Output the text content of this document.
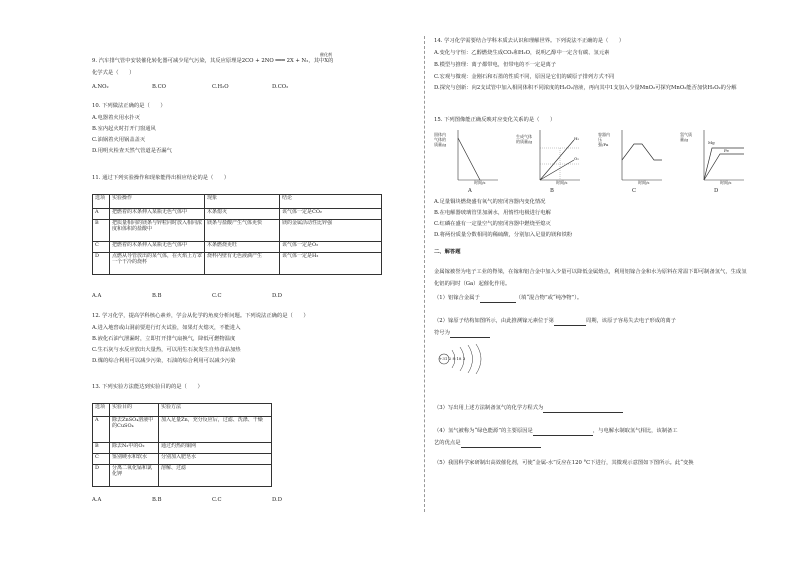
催化剂
9. 汽车排气管中安装催化转化器可减少尾气污染，其反应原理是2CO + 2NO ═══ 2X + N₂，其中X的
化学式是（　　）
A.NO₂	B.CO	C.H₂O	D.CO₂
10. 下列做法正确的是（　　）
A.电器着火用水扑灭
B.室内起火时打开门窗通风
C.油锅着火用锅盖盖灭
D.用明火检查天然气管道是否漏气
11. 通过下列实验操作和现象能得出相应结论的是（　　）
选项	实验操作	现象	结论
A	把燃着的木条伸入某瓶无色气体中	木条熄灭	该气体一定是CO₂
B	把质量相同的镁条与锌粒同时放入相同浓度和体积的盐酸中	镁条与盐酸产生气体更快	镁的金属活动性比锌强
C	把燃着的木条伸入某瓶无色气体中	木条燃烧更旺	该气体一定是O₂
D	点燃从导管放出的某气体，在火焰上方罩一个干冷的烧杯	烧杯内壁有无色液滴产生	该气体一定是H₂
A.A	B.B	C.C	D.D
12. 学习化学，提高学科核心素养，学会从化学的角度分析问题。下列说法正确的是（　　）
A.进入地窖或山洞前要进行灯火试验，如果灯火熄灭，不能进入
B.液化石油气泄漏时，立即打开排气扇换气，降低可燃物温度
C.生石灰与水反应放出大量热，可以用生石灰发生自热食品加热
D.煤的综合利用可以减少污染，石油的综合利用可以减少污染
13. 下列实验方法能达到实验目的的是（　　）
选项	实验目的	实验方法
A	除去ZnSO₄溶液中的CuSO₄	加入足量Zn，充分反应后，过滤、洗涤、干燥
B	除去N₂中的O₂	通过灼热的铜网
C	鉴别硬水和软水	分别加入肥皂水
D	分离二氧化锰和氯化钾	溶解、过滤
A.A	B.B	C.C	D.D
14. 学习化学需要结合学科本质去认识和理解世界。下列说法不正确的是（　　）
A.变化与守恒：乙醇燃烧生成CO₂和H₂O，说明乙醇中一定含有碳、氢元素
B.模型与推理：离子都带电，但带电的不一定是离子
C.宏观与微观：金刚石和石墨的性质不同，原因是它们的碳原子排列方式不同
D.探究与创新：向2支试管中加入相同体积不同浓度的H₂O₂溶液，再向其中1支加入少量MnO₂可探究MnO₂能否加快H₂O₂的分解
15. 下列图像能正确反映对应变化关系的是（　　）
固体内气体的质量/g
时间/s
A
生成气体的质量/g
H₂
O₂
时间/s
B
容器内压强/Pa
时间/s
C
氢气质量/g
Mg
Fe
时间/s
D
A.足量铜块燃烧盛有氧气的密闭容器内变化情况
B.在电解器玻璃管里加满水，用惰性电极进行电解
C.红磷在盛有一定量空气的密闭容器中燃烧至熄灭
D.将两份质量分数相同的稀硫酸，分别加入足量的镁和铁粉
二、解答题
金属镓被誉为电子工业的脊梁，在镓和铝合金中加入少量可以降低金属熔点，利用铝镓合金和水为原料在常温下即可制备氢气，生成氢
化铝的同时（Ga）起催化作用。
（1）铝镓合金属于	（填“混合物”或“纯净物”）。
（2）镓原子结构如图所示，由此推测镓元素位于第	周期，该原子容易失去电子形成的离子
符号为
+31 2 8 18 3
（3）写出用上述方法制备氢气的化学方程式为
（4）氢气被称为“绿色能源”的主要原因是	，与电解水制取氢气相比，该制备工
艺的优点是
（5）我国科学家研制出高效催化剂，可使“金属-水”反应在120 °C下进行，其微观示意图如下图所示。此“变换
